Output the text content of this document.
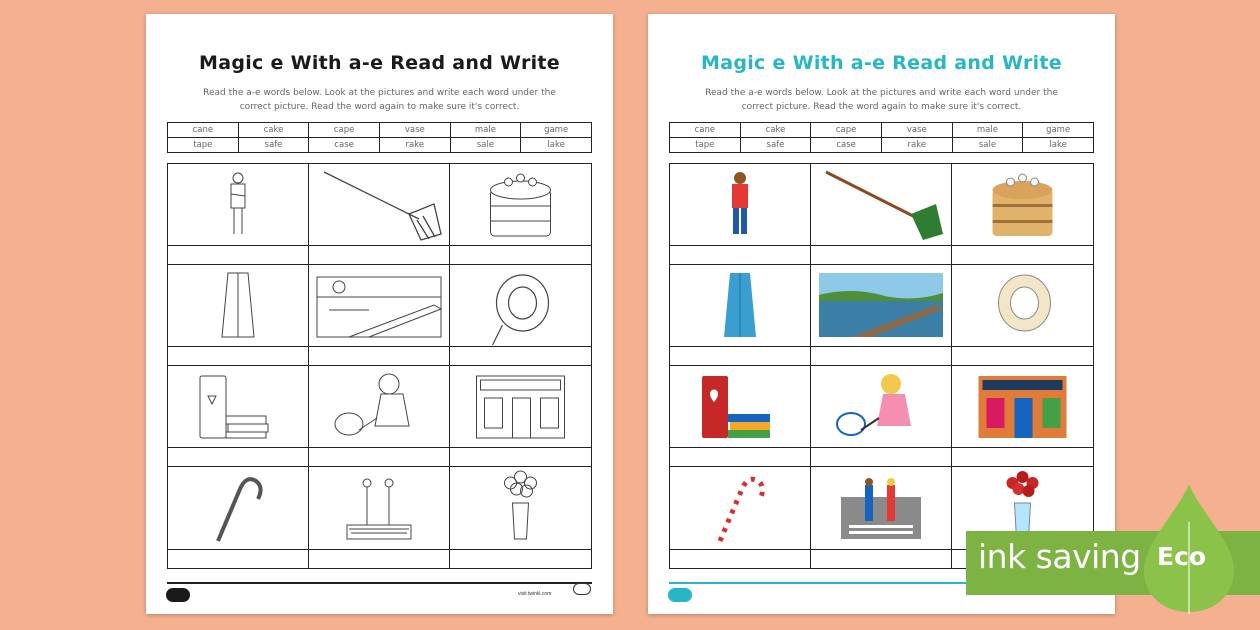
Magic e With a-e Read and Write
Read the a-e words below. Look at the pictures and write each word under the
correct picture. Read the word again to make sure it's correct.
cane	cake	cape	vase	male	game
tape	safe	case	rake	sale	lake
visit twinkl.com
Magic e With a-e Read and Write
Read the a-e words below. Look at the pictures and write each word under the
correct picture. Read the word again to make sure it's correct.
cane	cake	cape	vase	male	game
tape	safe	case	rake	sale	lake
ink saving Eco
